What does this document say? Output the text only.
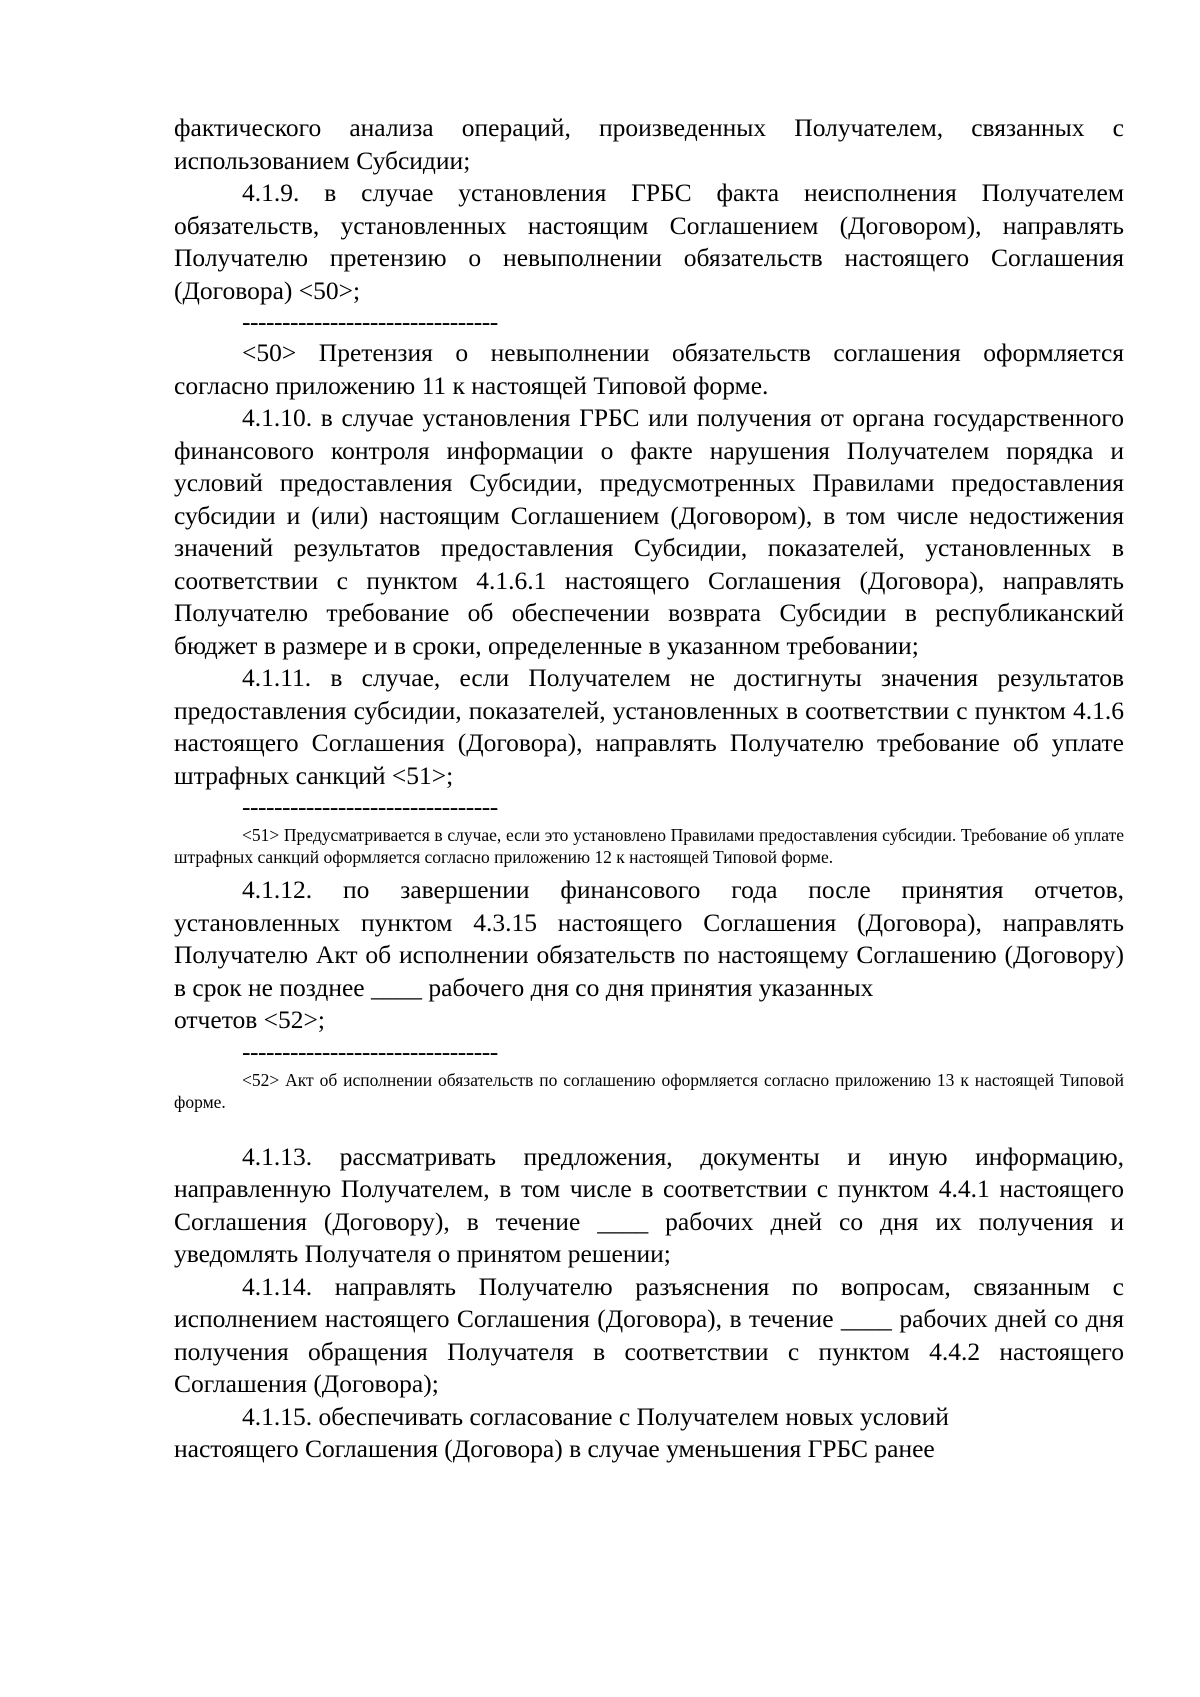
фактического анализа операций, произведенных Получателем, связанных с использованием Субсидии;

4.1.9. в случае установления ГРБС факта неисполнения Получателем обязательств, установленных настоящим Соглашением (Договором), направлять Получателю претензию о невыполнении обязательств настоящего Соглашения (Договора) <50>;

--------------------------------

<50> Претензия о невыполнении обязательств соглашения оформляется согласно приложению 11 к настоящей Типовой форме.

4.1.10. в случае установления ГРБС или получения от органа государственного финансового контроля информации о факте нарушения Получателем порядка и условий предоставления Субсидии, предусмотренных Правилами предоставления субсидии и (или) настоящим Соглашением (Договором), в том числе недостижения значений результатов предоставления Субсидии, показателей, установленных в соответствии с пунктом 4.1.6.1 настоящего Соглашения (Договора), направлять Получателю требование об обеспечении возврата Субсидии в республиканский бюджет в размере и в сроки, определенные в указанном требовании;

4.1.11. в случае, если Получателем не достигнуты значения результатов предоставления субсидии, показателей, установленных в соответствии с пунктом 4.1.6 настоящего Соглашения (Договора), направлять Получателю требование об уплате штрафных санкций <51>;

--------------------------------

<51> Предусматривается в случае, если это установлено Правилами предоставления субсидии. Требование об уплате штрафных санкций оформляется согласно приложению 12 к настоящей Типовой форме.

4.1.12. по завершении финансового года после принятия отчетов, установленных пунктом 4.3.15 настоящего Соглашения (Договора), направлять Получателю Акт об исполнении обязательств по настоящему Соглашению (Договору) в срок не позднее ____ рабочего дня со дня принятия указанных

отчетов <52>;

--------------------------------

<52> Акт об исполнении обязательств по соглашению оформляется согласно приложению 13 к настоящей Типовой форме.

4.1.13. рассматривать предложения, документы и иную информацию, направленную Получателем, в том числе в соответствии с пунктом 4.4.1 настоящего Соглашения (Договору), в течение ____ рабочих дней со дня их получения и уведомлять Получателя о принятом решении;

4.1.14. направлять Получателю разъяснения по вопросам, связанным с исполнением настоящего Соглашения (Договора), в течение ____ рабочих дней со дня получения обращения Получателя в соответствии с пунктом 4.4.2 настоящего Соглашения (Договора);

4.1.15. обеспечивать согласование с Получателем новых условий

настоящего Соглашения (Договора) в случае уменьшения ГРБС ранее
